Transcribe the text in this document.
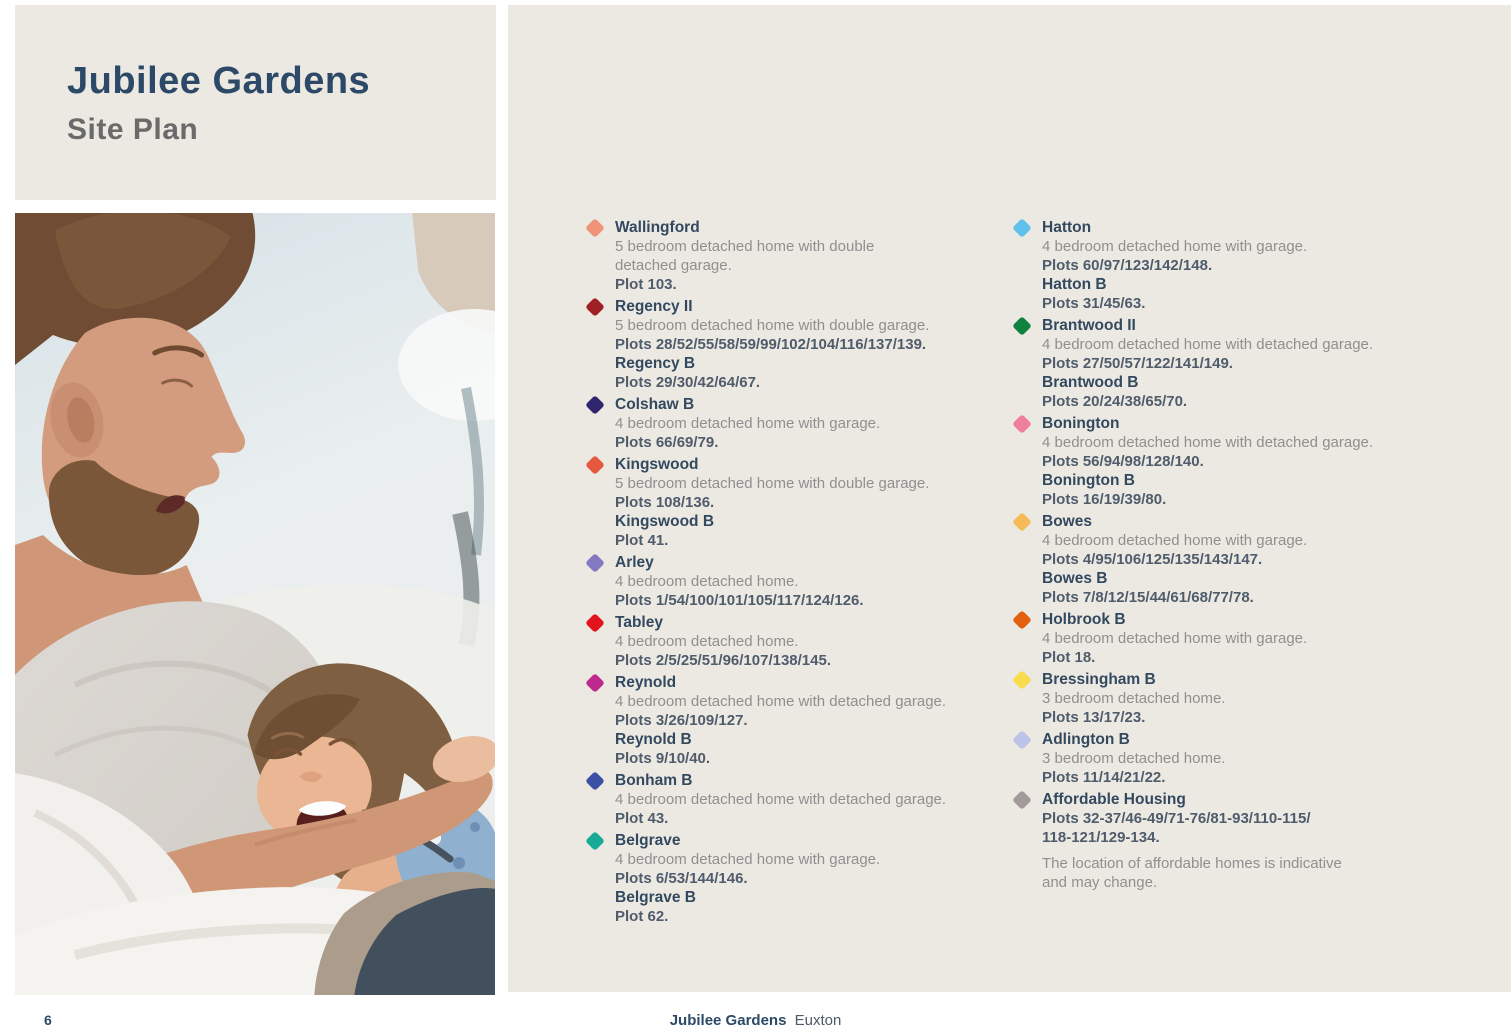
Jubilee Gardens
Site Plan
Wallingford
5 bedroom detached home with double
detached garage.
Plot 103.
Regency II
5 bedroom detached home with double garage.
Plots 28/52/55/58/59/99/102/104/116/137/139.
Regency B
Plots 29/30/42/64/67.
Colshaw B
4 bedroom detached home with garage.
Plots 66/69/79.
Kingswood
5 bedroom detached home with double garage.
Plots 108/136.
Kingswood B
Plot 41.
Arley
4 bedroom detached home.
Plots 1/54/100/101/105/117/124/126.
Tabley
4 bedroom detached home.
Plots 2/5/25/51/96/107/138/145.
Reynold
4 bedroom detached home with detached garage.
Plots 3/26/109/127.
Reynold B
Plots 9/10/40.
Bonham B
4 bedroom detached home with detached garage.
Plot 43.
Belgrave
4 bedroom detached home with garage.
Plots 6/53/144/146.
Belgrave B
Plot 62.
Hatton
4 bedroom detached home with garage.
Plots 60/97/123/142/148.
Hatton B
Plots 31/45/63.
Brantwood II
4 bedroom detached home with detached garage.
Plots 27/50/57/122/141/149.
Brantwood B
Plots 20/24/38/65/70.
Bonington
4 bedroom detached home with detached garage.
Plots 56/94/98/128/140.
Bonington B
Plots 16/19/39/80.
Bowes
4 bedroom detached home with garage.
Plots 4/95/106/125/135/143/147.
Bowes B
Plots 7/8/12/15/44/61/68/77/78.
Holbrook B
4 bedroom detached home with garage.
Plot 18.
Bressingham B
3 bedroom detached home.
Plots 13/17/23.
Adlington B
3 bedroom detached home.
Plots 11/14/21/22.
Affordable Housing
Plots 32-37/46-49/71-76/81-93/110-115/
118-121/129-134.
The location of affordable homes is indicative
and may change.
6	Jubilee Gardens Euxton
